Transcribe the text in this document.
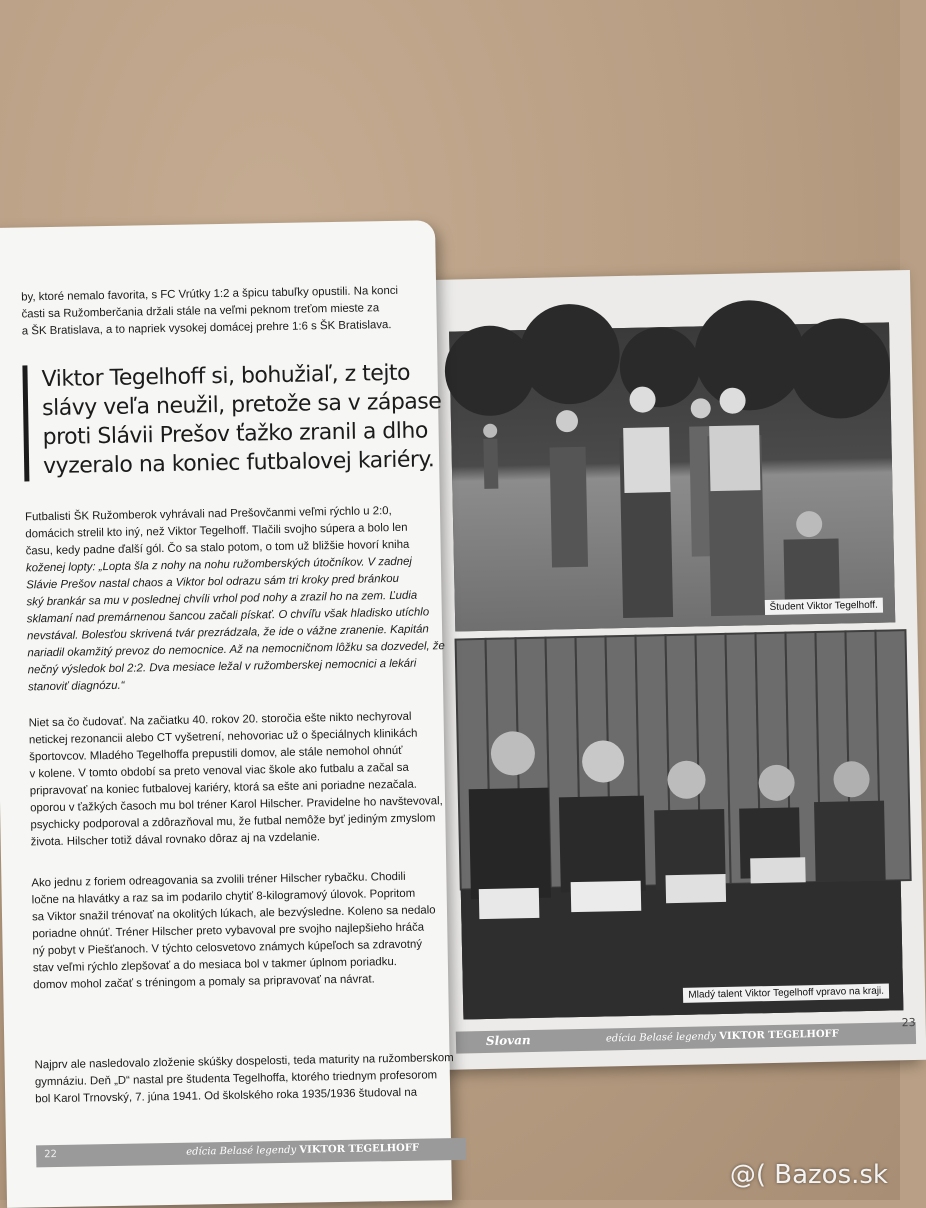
Študent Viktor Tegelhoff.
Mladý talent Viktor Tegelhoff vpravo na kraji.
Slovan	edícia Belasé legendy VIKTOR TEGELHOFF
23

by, ktoré nemalo favorita, s FC Vrútky 1:2 a špicu tabuľky opustili. Na konci

časti sa Ružomberčania držali stále na veľmi peknom treťom mieste za

a ŠK Bratislava, a to napriek vysokej domácej prehre 1:6 s ŠK Bratislava.

Viktor Tegelhoff si, bohužiaľ, z tejto
slávy veľa neužil, pretože sa v zápase
proti Slávii Prešov ťažko zranil a dlho
vyzeralo na koniec futbalovej kariéry.

Futbalisti ŠK Ružomberok vyhrávali nad Prešovčanmi veľmi rýchlo u 2:0,

domácich strelil kto iný, než Viktor Tegelhoff. Tlačili svojho súpera a bolo len

času, kedy padne ďalší gól. Čo sa stalo potom, o tom už bližšie hovorí kniha

koženej lopty: „Lopta šla z nohy na nohu ružomberských útočníkov. V zadnej

Slávie Prešov nastal chaos a Viktor bol odrazu sám tri kroky pred bránkou

ský brankár sa mu v poslednej chvíli vrhol pod nohy a zrazil ho na zem. Ľudia

sklamaní nad premárnenou šancou začali pískať. O chvíľu však hladisko utíchlo

nevstával. Bolesťou skrivená tvár prezrádzala, že ide o vážne zranenie. Kapitán

nariadil okamžitý prevoz do nemocnice. Až na nemocničnom lôžku sa dozvedel, že

nečný výsledok bol 2:2. Dva mesiace ležal v ružomberskej nemocnici a lekári

stanoviť diagnózu.“

Niet sa čo čudovať. Na začiatku 40. rokov 20. storočia ešte nikto nechyroval

netickej rezonancii alebo CT vyšetrení, nehovoriac už o špeciálnych klinikách

športovcov. Mladého Tegelhoffa prepustili domov, ale stále nemohol ohnúť

v kolene. V tomto období sa preto venoval viac škole ako futbalu a začal sa

pripravovať na koniec futbalovej kariéry, ktorá sa ešte ani poriadne nezačala.

oporou v ťažkých časoch mu bol tréner Karol Hilscher. Pravidelne ho navštevoval,

psychicky podporoval a zdôrazňoval mu, že futbal nemôže byť jediným zmyslom

života. Hilscher totiž dával rovnako dôraz aj na vzdelanie.

Ako jednu z foriem odreagovania sa zvolili tréner Hilscher rybačku. Chodili

ločne na hlavátky a raz sa im podarilo chytiť 8-kilogramový úlovok. Popritom

sa Viktor snažil trénovať na okolitých lúkach, ale bezvýsledne. Koleno sa nedalo

poriadne ohnúť. Tréner Hilscher preto vybavoval pre svojho najlepšieho hráča

ný pobyt v Piešťanoch. V týchto celosvetovo známych kúpeľoch sa zdravotný

stav veľmi rýchlo zlepšovať a do mesiaca bol v takmer úplnom poriadku.

domov mohol začať s tréningom a pomaly sa pripravovať na návrat.

Najprv ale nasledovalo zloženie skúšky dospelosti, teda maturity na ružomberskom

gymnáziu. Deň „D“ nastal pre študenta Tegelhoffa, ktorého triednym profesorom

bol Karol Trnovský, 7. júna 1941. Od školského roka 1935/1936 študoval na

22	edícia Belasé legendy VIKTOR TEGELHOFF
@( Bazos.sk
